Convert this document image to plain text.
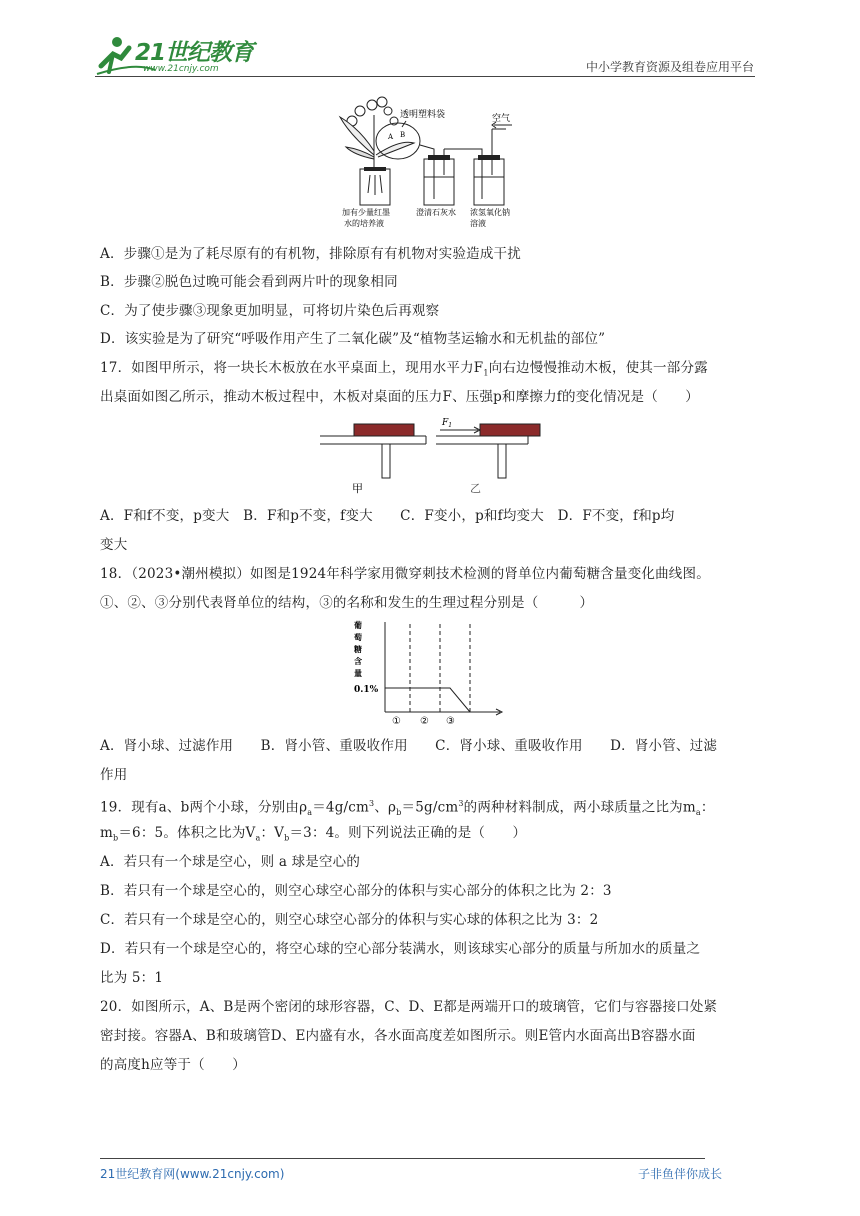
21世纪教育
www.21cnjy.com	中小学教育资源及组卷应用平台
A B
透明塑料袋	空气
加有少量红墨
水的培养液
澄清石灰水 浓氢氧化钠
溶液
A．步骤①是为了耗尽原有的有机物，排除原有有机物对实验造成干扰
B．步骤②脱色过晚可能会看到两片叶的现象相同
C．为了使步骤③现象更加明显，可将切片染色后再观察
D．该实验是为了研究“呼吸作用产生了二氧化碳”及“植物茎运输水和无机盐的部位”
17．如图甲所示，将一块长木板放在水平桌面上，现用水平力$F_1$向右边慢慢推动木板，使其一部分露
出桌面如图乙所示，推动木板过程中，木板对桌面的压力F、压强p和摩擦力f的变化情况是（　　）
甲
$F_1$
乙
A．F和f不变，p变大　B．F和p不变，f变大　　C．F变小，p和f均变大　D．F不变，f和p均
变大
18．（2023•潮州模拟）如图是1924年科学家用微穿刺技术检测的肾单位内葡萄糖含量变化曲线图。
①、②、③分别代表肾单位的结构，③的名称和发生的生理过程分别是（　　　）
葡
萄
糖
含
量
0.1%
① ② ③
A．肾小球、过滤作用　　B．肾小管、重吸收作用　　C．肾小球、重吸收作用　　D．肾小管、过滤
作用
19．现有a、b两个小球，分别由$\rho_a=4g/cm^3$、$\rho_b=5g/cm^3$的两种材料制成，两小球质量之比为$m_a$：
$m_b=6$：5。体积之比为$V_a$：$V_b=3$：4。则下列说法正确的是（　　）
A．若只有一个球是空心，则 a 球是空心的
B．若只有一个球是空心的，则空心球空心部分的体积与实心部分的体积之比为 2：3
C．若只有一个球是空心的，则空心球空心部分的体积与实心球的体积之比为 3：2
D．若只有一个球是空心的，将空心球的空心部分装满水，则该球实心部分的质量与所加水的质量之
比为 5：1
20．如图所示，A、B是两个密闭的球形容器，C、D、E都是两端开口的玻璃管，它们与容器接口处紧
密封接。容器A、B和玻璃管D、E内盛有水，各水面高度差如图所示。则E管内水面高出B容器水面
的高度h应等于（　　）
21世纪教育网(www.21cnjy.com)	子非鱼伴你成长
